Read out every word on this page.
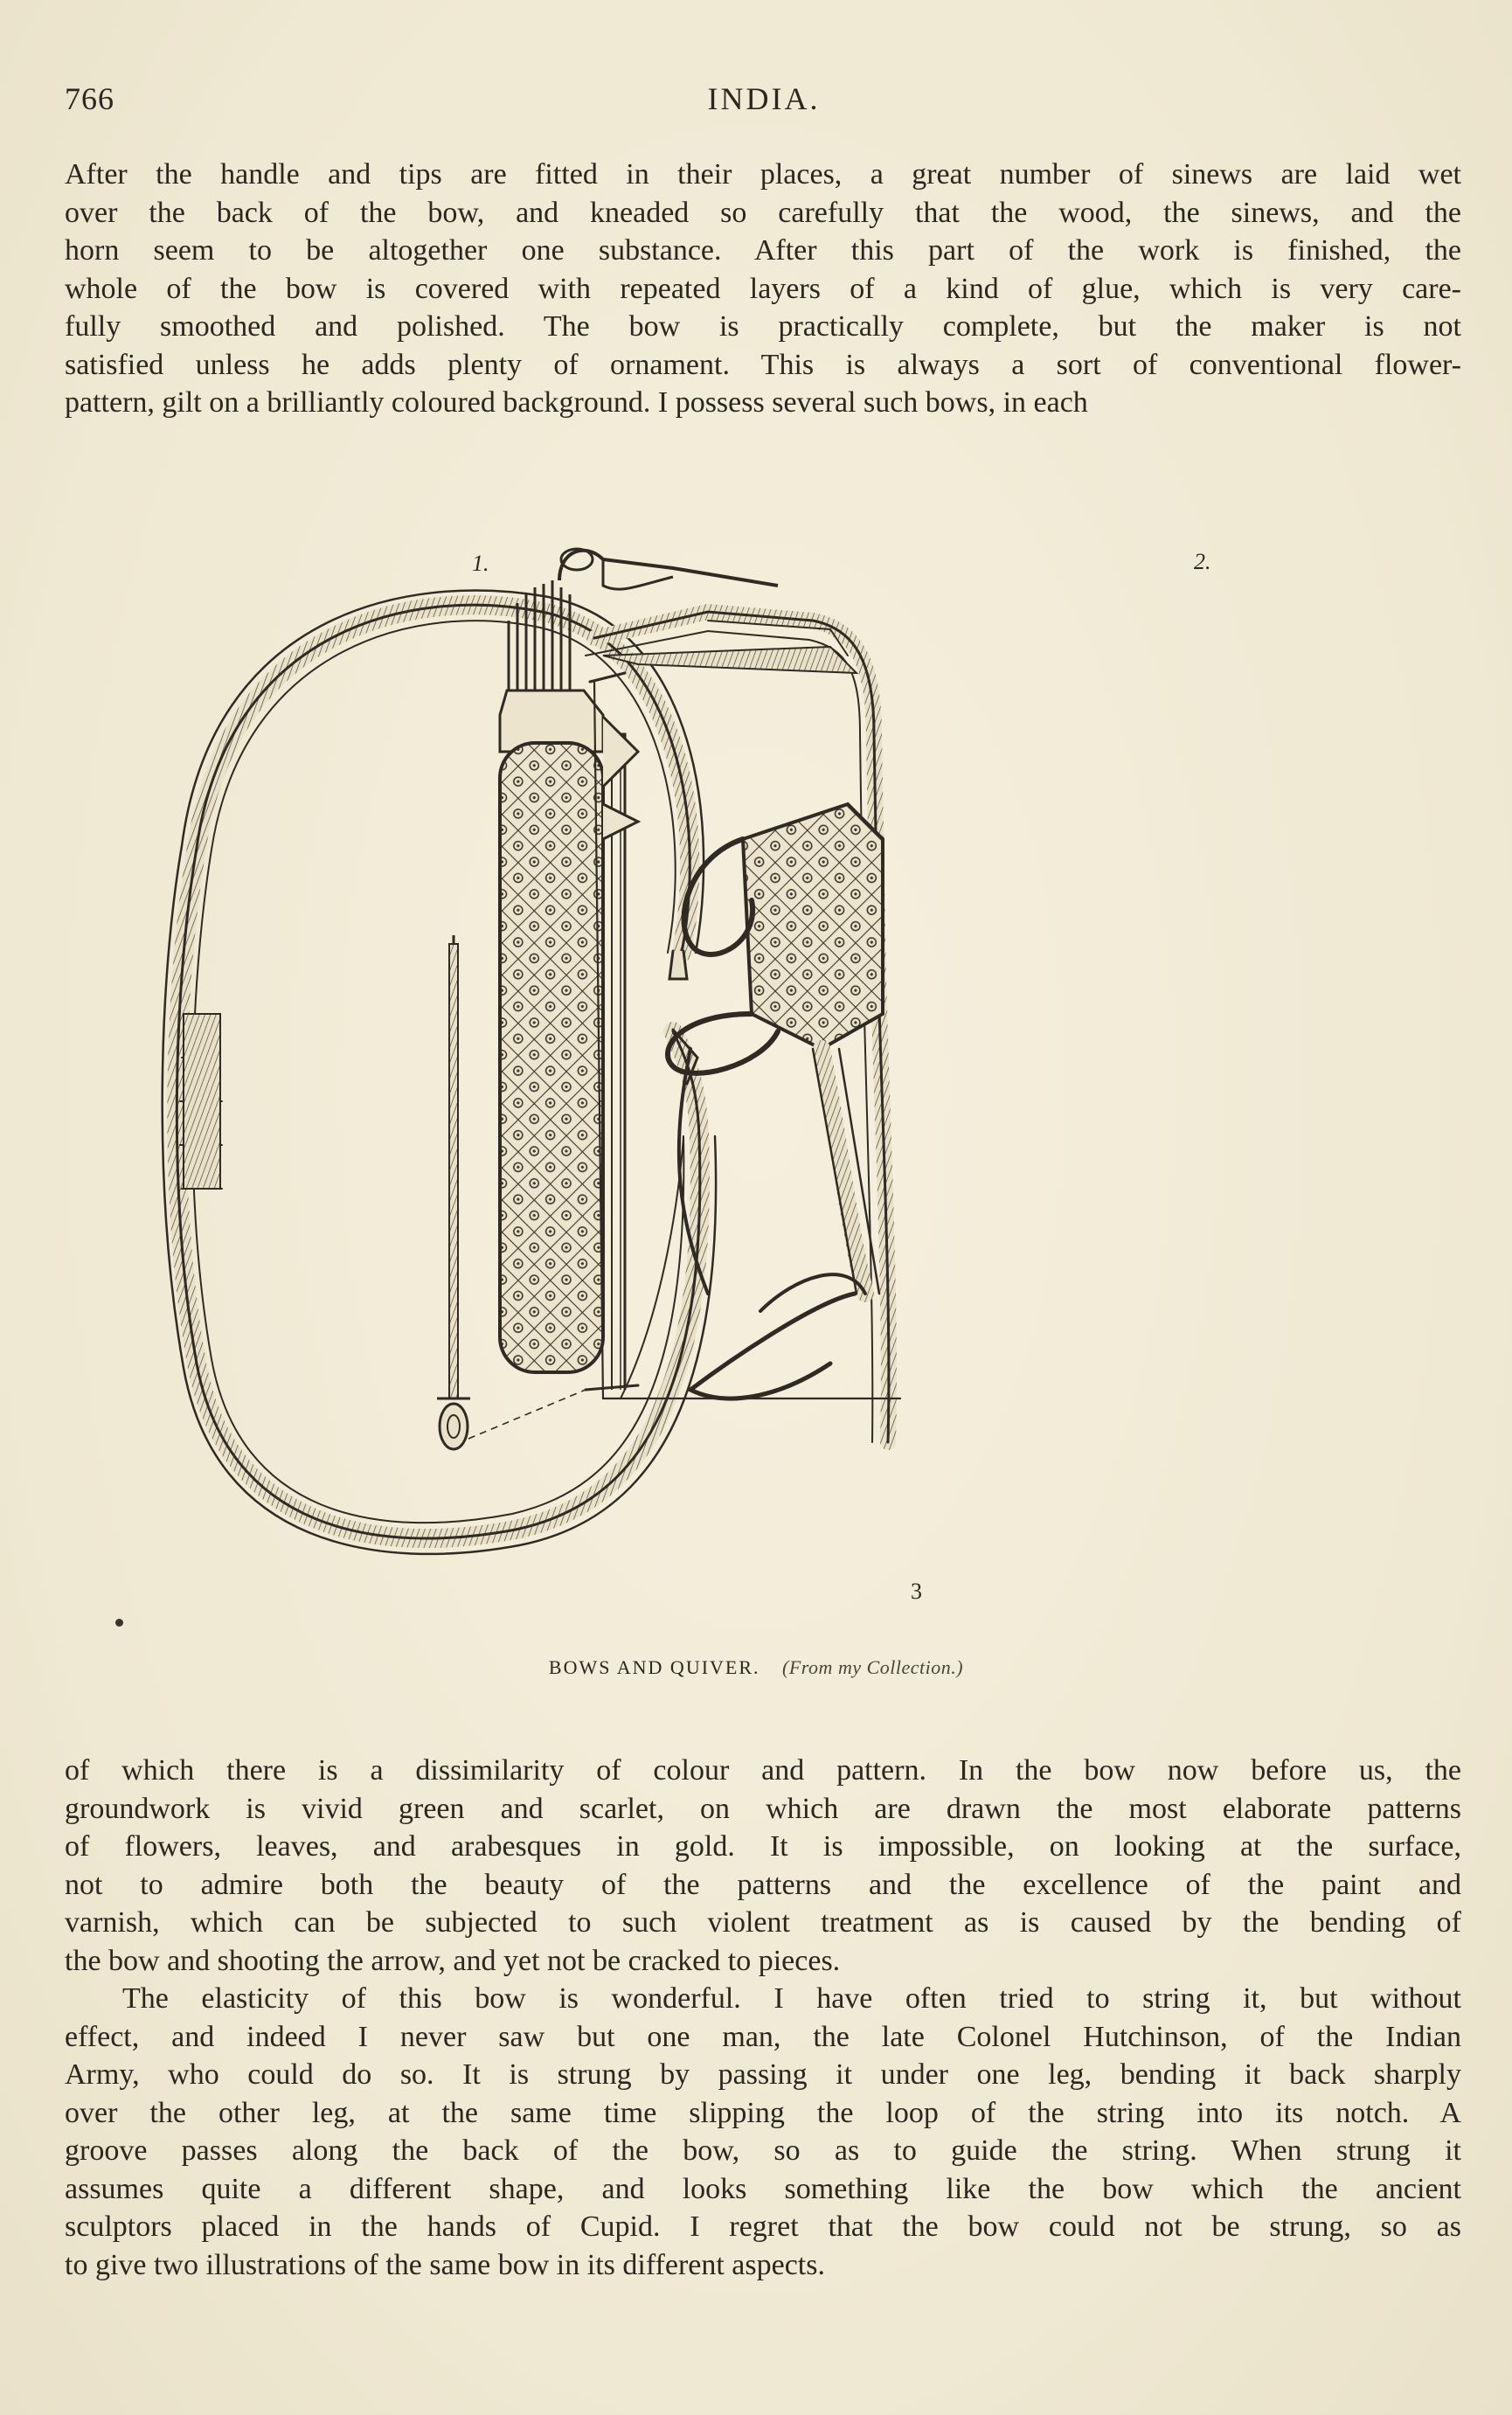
766	INDIA.
After the handle and tips are fitted in their places, a great number of sinews are laid wet
over the back of the bow, and kneaded so carefully that the wood, the sinews, and the
horn seem to be altogether one substance. After this part of the work is finished, the
whole of the bow is covered with repeated layers of a kind of glue, which is very care-
fully smoothed and polished. The bow is practically complete, but the maker is not
satisfied unless he adds plenty of ornament. This is always a sort of conventional flower-
pattern, gilt on a brilliantly coloured background. I possess several such bows, in each
1.	2.
3
BOWS AND QUIVER. (From my Collection.)
of which there is a dissimilarity of colour and pattern. In the bow now before us, the
groundwork is vivid green and scarlet, on which are drawn the most elaborate patterns
of flowers, leaves, and arabesques in gold. It is impossible, on looking at the surface,
not to admire both the beauty of the patterns and the excellence of the paint and
varnish, which can be subjected to such violent treatment as is caused by the bending of
the bow and shooting the arrow, and yet not be cracked to pieces.
The elasticity of this bow is wonderful. I have often tried to string it, but without
effect, and indeed I never saw but one man, the late Colonel Hutchinson, of the Indian
Army, who could do so. It is strung by passing it under one leg, bending it back sharply
over the other leg, at the same time slipping the loop of the string into its notch. A
groove passes along the back of the bow, so as to guide the string. When strung it
assumes quite a different shape, and looks something like the bow which the ancient
sculptors placed in the hands of Cupid. I regret that the bow could not be strung, so as
to give two illustrations of the same bow in its different aspects.
